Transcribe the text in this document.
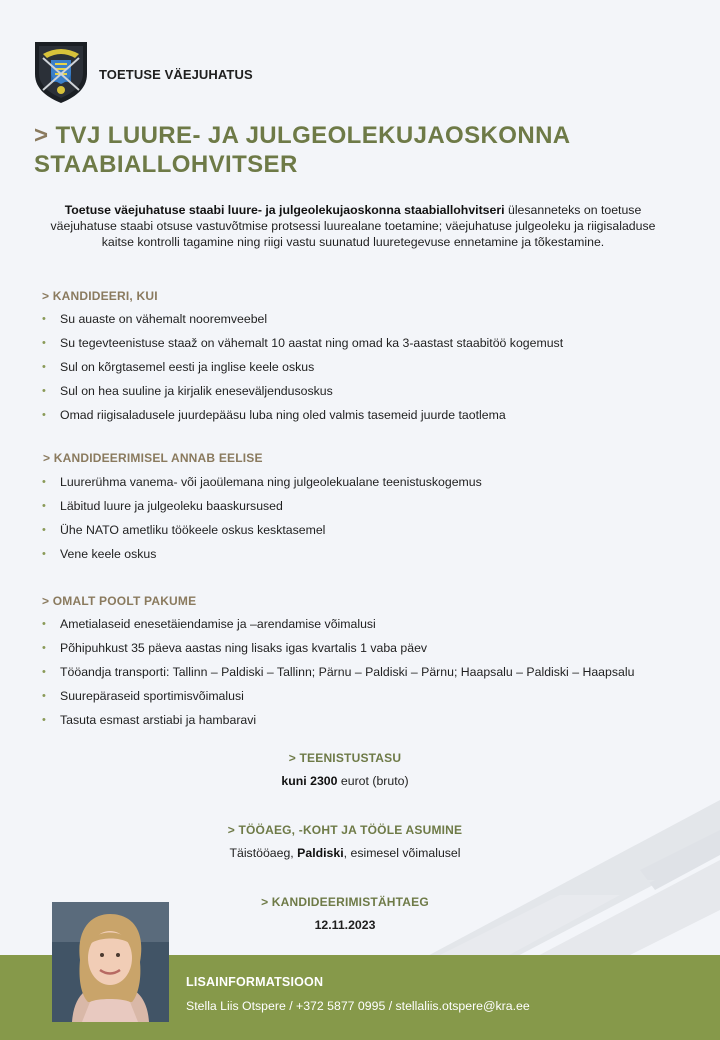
TOETUSE VÄEJUHATUS
> TVJ LUURE- JA JULGEOLEKUJAOSKONNA STAABIALLOHVITSER
Toetuse väejuhatuse staabi luure- ja julgeolekujaoskonna staabiallohvitseri ülesanneteks on toetuse väejuhatuse staabi otsuse vastuvõtmise protsessi luurealane toetamine; väejuhatuse julgeoleku ja riigisaladuse kaitse kontrolli tagamine ning riigi vastu suunatud luuretegevuse ennetamine ja tõkestamine.
> KANDIDEERI, KUI
• Su auaste on vähemalt nooremveebel
• Su tegevteenistuse staaž on vähemalt 10 aastat ning omad ka 3-aastast staabitöö kogemust
• Sul on kõrgtasemel eesti ja inglise keele oskus
• Sul on hea suuline ja kirjalik eneseväljendusoskus
• Omad riigisaladusele juurdepääsu luba ning oled valmis tasemeid juurde taotlema
> KANDIDEERIMISEL ANNAB EELISE
• Luurerühma vanema- või jaoülemana ning julgeolekualane teenistuskogemus
• Läbitud luure ja julgeoleku baaskursused
• Ühe NATO ametliku töökeele oskus kesktasemel
• Vene keele oskus
> OMALT POOLT PAKUME
• Ametialaseid enesetäiendamise ja –arendamise võimalusi
• Põhipuhkust 35 päeva aastas ning lisaks igas kvartalis 1 vaba päev
• Tööandja transporti: Tallinn – Paldiski – Tallinn; Pärnu – Paldiski – Pärnu; Haapsalu – Paldiski – Haapsalu
• Suurepäraseid sportimisvõimalusi
• Tasuta esmast arstiabi ja hambaravi
> TEENISTUSTASU
kuni 2300 eurot (bruto)
> TÖÖAEG, -KOHT JA TÖÖLE ASUMINE
Täistööaeg, Paldiski, esimesel võimalusel
> KANDIDEERIMISTÄHTAEG
12.11.2023
LISAINFORMATSIOON
Stella Liis Otspere / +372 5877 0995 / stellaliis.otspere@kra.ee
